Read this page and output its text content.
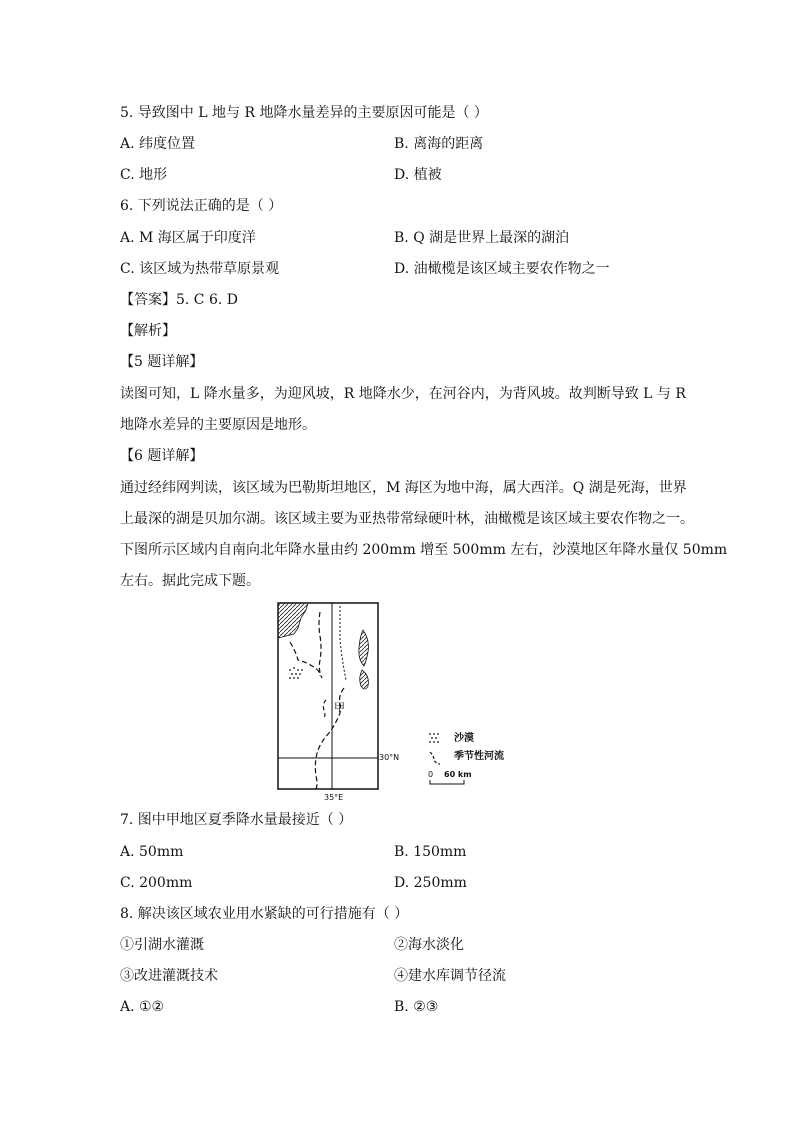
5. 导致图中 L 地与 R 地降水量差异的主要原因可能是（ ）
A. 纬度位置	B. 离海的距离
C. 地形	D. 植被
6. 下列说法正确的是（ ）
A. M 海区属于印度洋	B. Q 湖是世界上最深的湖泊
C. 该区域为热带草原景观	D. 油橄榄是该区域主要农作物之一
【答案】5. C 6. D
【解析】
【5 题详解】
读图可知，L 降水量多，为迎风坡，R 地降水少，在河谷内，为背风坡。故判断导致 L 与 R
地降水差异的主要原因是地形。
【6 题详解】
通过经纬网判读，该区域为巴勒斯坦地区，M 海区为地中海，属大西洋。Q 湖是死海，世界
上最深的湖是贝加尔湖。该区域主要为亚热带常绿硬叶林，油橄榄是该区域主要农作物之一。
下图所示区域内自南向北年降水量由约 200mm 增至 500mm 左右，沙漠地区年降水量仅 50mm
左右。据此完成下题。
甲
30°N
35°E
沙漠
季节性河流
0 60 km
7. 图中甲地区夏季降水量最接近（ ）
A. 50mm	B. 150mm
C. 200mm	D. 250mm
8. 解决该区域农业用水紧缺的可行措施有（ ）
①引湖水灌溉	②海水淡化
③改进灌溉技术	④建水库调节径流
A. ①②	B. ②③
